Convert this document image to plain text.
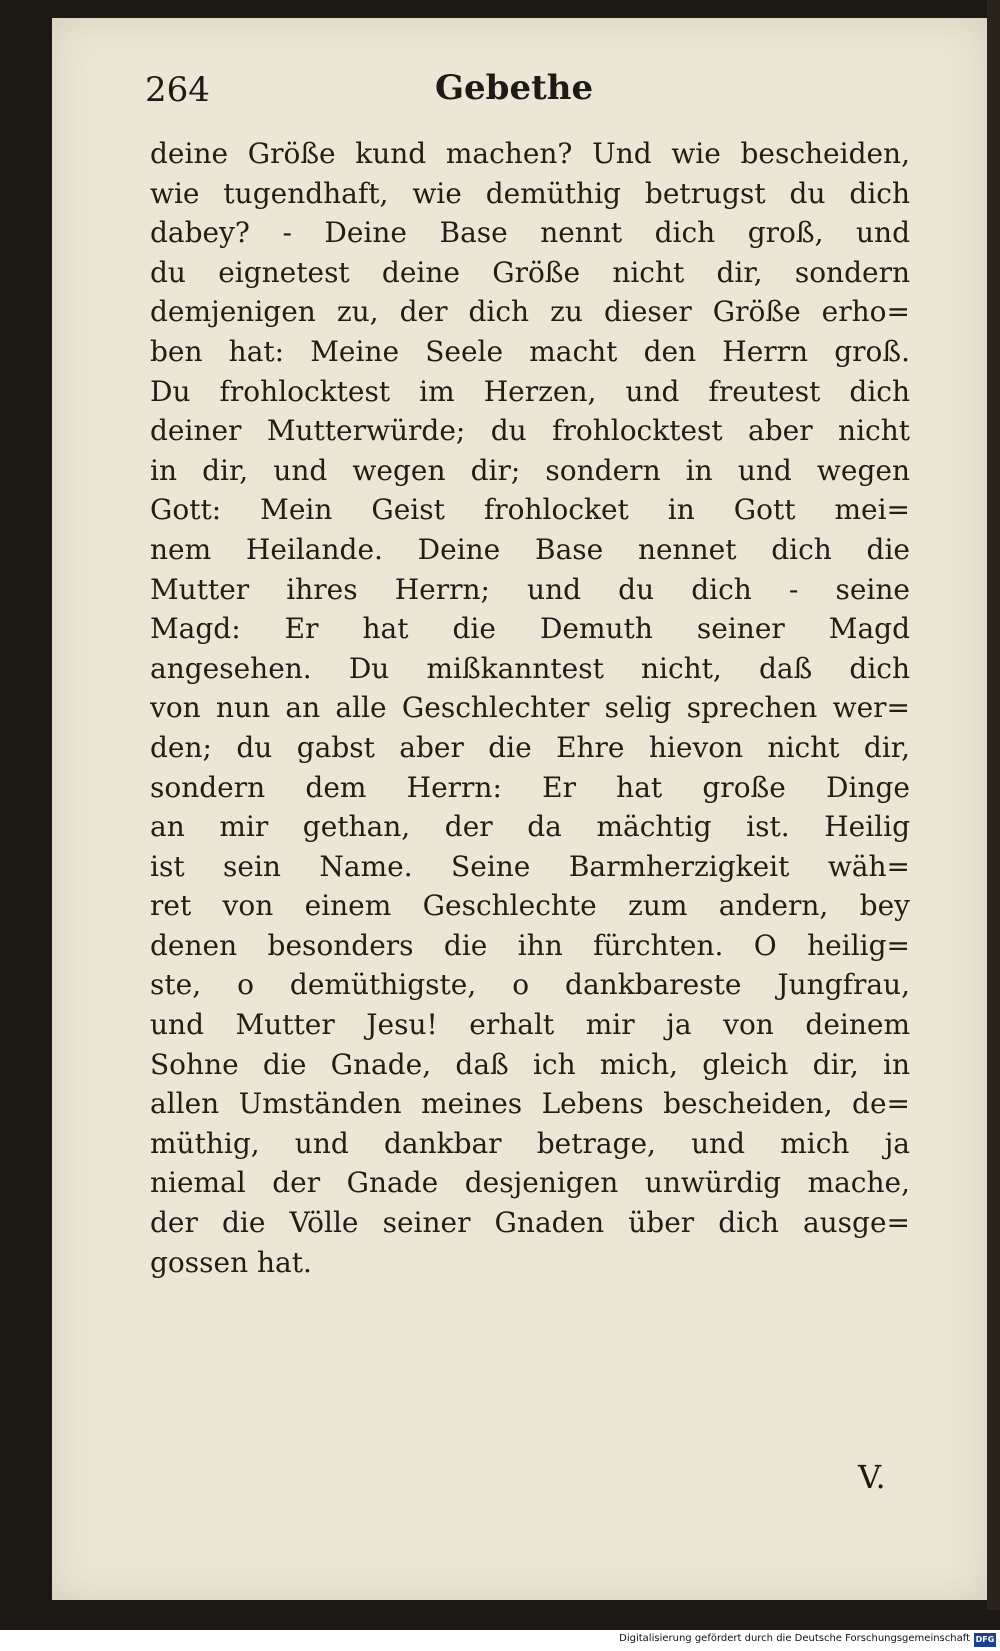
264	Gebethe
deine Größe kund machen? Und wie bescheiden,
wie tugendhaft, wie demüthig betrugst du dich
dabey? - Deine Base nennt dich groß, und
du eignetest deine Größe nicht dir, sondern
demjenigen zu, der dich zu dieser Größe erho=
ben hat: Meine Seele macht den Herrn groß.
Du frohlocktest im Herzen, und freutest dich
deiner Mutterwürde; du frohlocktest aber nicht
in dir, und wegen dir; sondern in und wegen
Gott: Mein Geist frohlocket in Gott mei=
nem Heilande. Deine Base nennet dich die
Mutter ihres Herrn; und du dich - seine
Magd: Er hat die Demuth seiner Magd
angesehen. Du mißkanntest nicht, daß dich
von nun an alle Geschlechter selig sprechen wer=
den; du gabst aber die Ehre hievon nicht dir,
sondern dem Herrn: Er hat große Dinge
an mir gethan, der da mächtig ist. Heilig
ist sein Name. Seine Barmherzigkeit wäh=
ret von einem Geschlechte zum andern, bey
denen besonders die ihn fürchten. O heilig=
ste, o demüthigste, o dankbareste Jungfrau,
und Mutter Jesu! erhalt mir ja von deinem
Sohne die Gnade, daß ich mich, gleich dir, in
allen Umständen meines Lebens bescheiden, de=
müthig, und dankbar betrage, und mich ja
niemal der Gnade desjenigen unwürdig mache,
der die Völle seiner Gnaden über dich ausge=
gossen hat.
V.
Digitalisierung gefördert durch die Deutsche Forschungsgemeinschaft DFG
